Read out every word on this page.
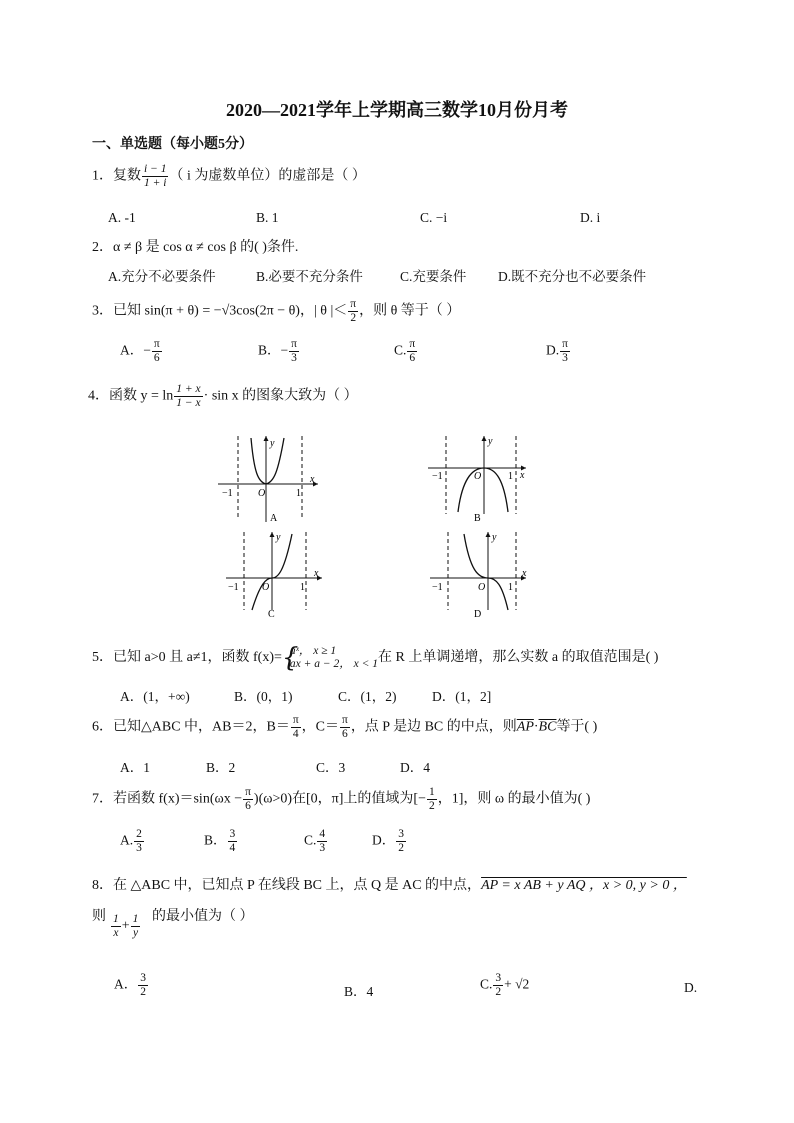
2020—2021学年上学期高三数学10月份月考
一、单选题（每小题5分）
1．复数 $\frac{i - 1}{1 + i}$ （ i 为虚数单位）的虚部是（ ）
A. -1	B. 1	C. −i	D. i
2．α ≠ β 是 cos α ≠ cos β 的( )条件.
A.充分不必要条件	B.必要不充分条件	C.充要条件 D.既不充分也不必要条件
3．已知 sin(π + θ) = −√3cos(2π − θ)，| θ |＜ $\frac{\pi}{2}$ ，则 θ 等于（ ）
A．− $\frac{\pi}{6}$	B．− $\frac{\pi}{3}$	C. $\frac{\pi}{6}$	D. $\frac{\pi}{3}$
4．函数 $y = \ln \frac{1 + x}{1 - x} \cdot \sin x$ 的图象大致为（ ）
y
x
O
−1	1
A
y
x
O
−1	1
B
y
x
O
−1	1
C
y
x
O
−1	1
D
5．已知 a>0 且 a≠1，函数 f(x)= {
aˣ， x ≥ 1
ax + a − 2， x < 1 在 R 上单调递增，那么实数 a 的取值范围是( )
A．(1，+∞)	B．(0，1)	C．(1，2)	D．(1，2]
6．已知△ABC 中，AB＝2，$B= \frac{\pi}{4}$ ，$C= \frac{\pi}{6}$ ，点 P 是边 BC 的中点，则$\overline{AP}\cdot\overline{BC}$等于( )
A．1	B．2	C．3	D．4
7．若函数 $f(x)=\sin(\omega x - \frac{\pi}{6} )(\omega>0)$在[0，π]上的值域为[− $\frac{1}{2}$ ，1]，则 ω 的最小值为( )
A. $\frac{2}{3}$	B． $\frac{3}{4}$	C. $\frac{4}{3}$	D． $\frac{3}{2}$
8．在 △ABC 中，已知点 P 在线段 BC 上，点 Q 是 AC 的中点，AP = x AB + y AQ ，x > 0, y > 0 ，
则 $\frac{1}{x} + \frac{1}{y}$ 的最小值为（ ）
A． $\frac{3}{2}$	B．4	C. $\frac{3}{2} + √2$	D.
